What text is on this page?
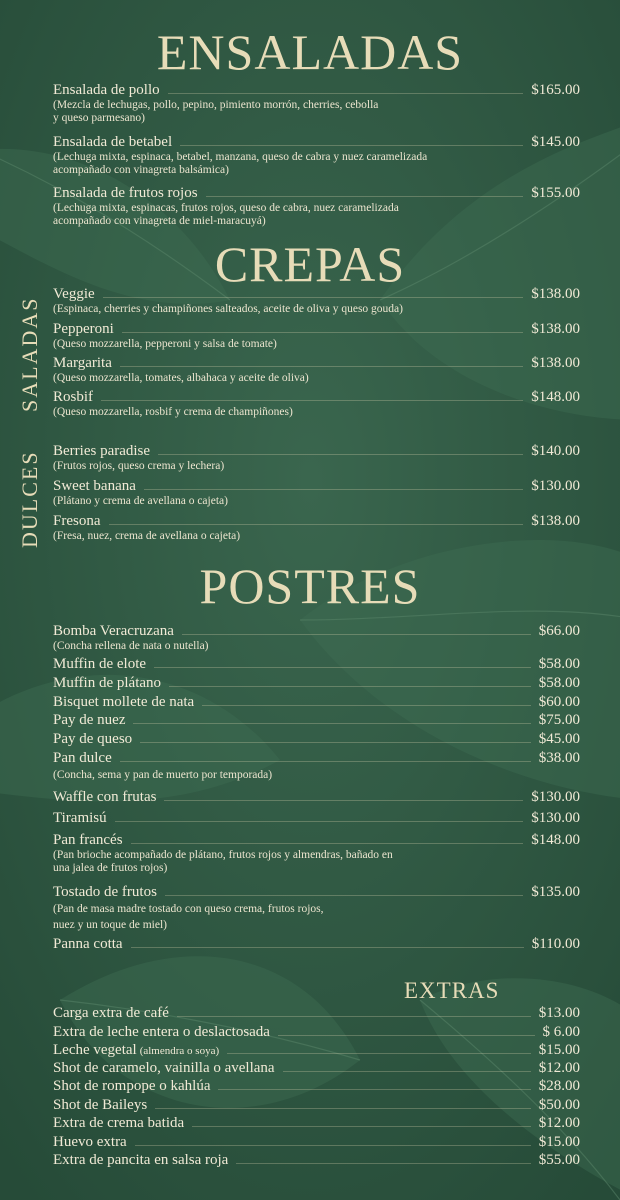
ENSALADAS
Ensalada de pollo	$165.00
(Mezcla de lechugas, pollo, pepino, pimiento morrón, cherries, cebolla
y queso parmesano)
Ensalada de betabel	$145.00
(Lechuga mixta, espinaca, betabel, manzana, queso de cabra y nuez caramelizada
acompañado con vinagreta balsámica)
Ensalada de frutos rojos	$155.00
(Lechuga mixta, espinacas, frutos rojos, queso de cabra, nuez caramelizada
acompañado con vinagreta de miel-maracuyá)
CREPAS
SALADAS
DULCES
Veggie	$138.00
(Espinaca, cherries y champiñones salteados, aceite de oliva y queso gouda)
Pepperoni	$138.00
(Queso mozzarella, pepperoni y salsa de tomate)
Margarita	$138.00
(Queso mozzarella, tomates, albahaca y aceite de oliva)
Rosbif	$148.00
(Queso mozzarella, rosbif y crema de champiñones)
Berries paradise	$140.00
(Frutos rojos, queso crema y lechera)
Sweet banana	$130.00
(Plátano y crema de avellana o cajeta)
Fresona	$138.00
(Fresa, nuez, crema de avellana o cajeta)
POSTRES
Bomba Veracruzana	$66.00
(Concha rellena de nata o nutella)
Muffin de elote	$58.00
Muffin de plátano	$58.00
Bisquet mollete de nata	$60.00
Pay de nuez	$75.00
Pay de queso	$45.00
Pan dulce	$38.00
(Concha, sema y pan de muerto por temporada)
Waffle con frutas	$130.00
Tiramisú	$130.00
Pan francés	$148.00
(Pan brioche acompañado de plátano, frutos rojos y almendras, bañado en
una jalea de frutos rojos)
Tostado de frutos	$135.00
(Pan de masa madre tostado con queso crema, frutos rojos,
nuez y un toque de miel)
Panna cotta	$110.00
EXTRAS
Carga extra de café	$13.00
Extra de leche entera o deslactosada	$ 6.00
Leche vegetal (almendra o soya)	$15.00
Shot de caramelo, vainilla o avellana	$12.00
Shot de rompope o kahlúa	$28.00
Shot de Baileys	$50.00
Extra de crema batida	$12.00
Huevo extra	$15.00
Extra de pancita en salsa roja	$55.00
